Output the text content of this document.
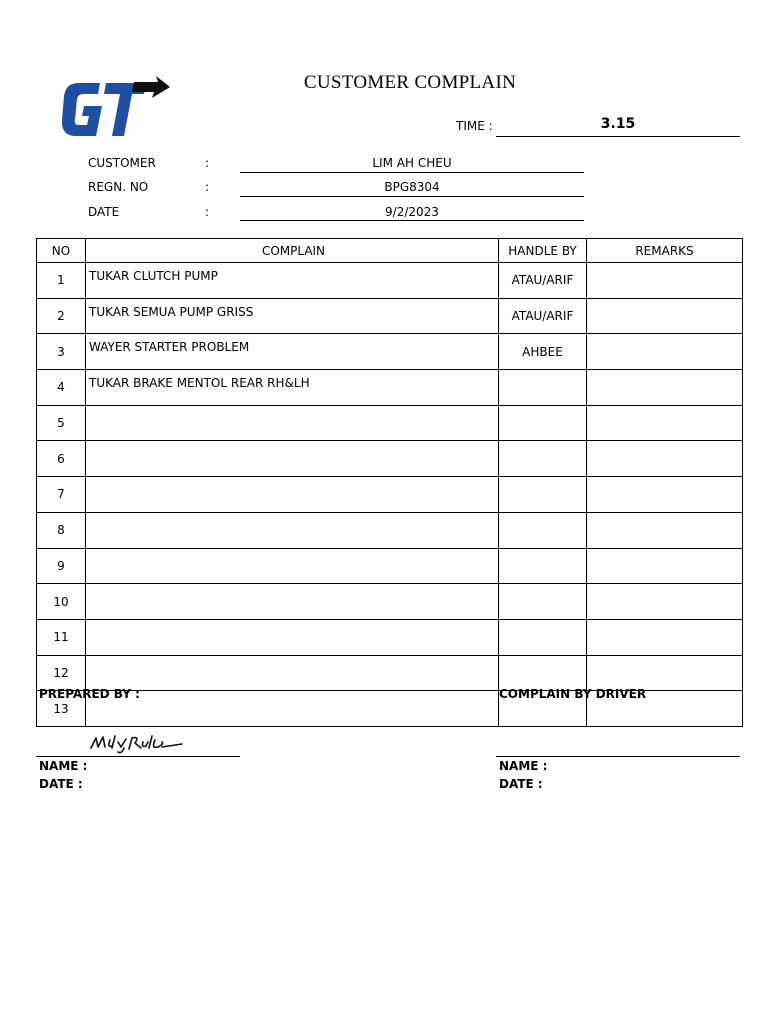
CUSTOMER COMPLAIN
TIME :	3.15
CUSTOMER	:	LIM AH CHEU
REGN. NO	:	BPG8304
DATE	:	9/2/2023
NO	COMPLAIN	HANDLE BY	REMARKS
1	TUKAR CLUTCH PUMP	ATAU/ARIF	
2	TUKAR SEMUA PUMP GRISS	ATAU/ARIF	
3	WAYER STARTER PROBLEM	AHBEE	
4	TUKAR BRAKE MENTOL REAR RH&LH		
5			
6			
7			
8			
9			
10			
11			
12			
13			
PREPARED BY :	COMPLAIN BY DRIVER
NAME :
DATE :
NAME :
DATE :
